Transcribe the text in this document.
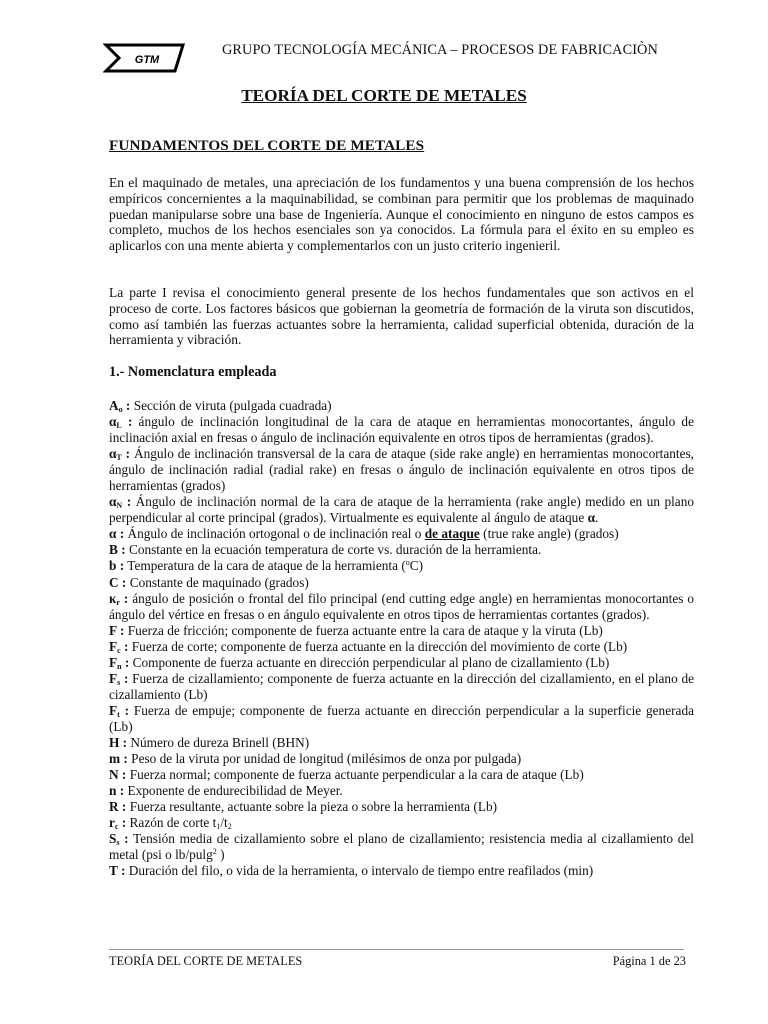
GTM
GRUPO TECNOLOGÍA MECÁNICA – PROCESOS DE FABRICACIÒN
TEORÍA DEL CORTE DE METALES
FUNDAMENTOS DEL CORTE DE METALES
En el maquinado de metales, una apreciación de los fundamentos y una buena comprensión de los hechos empíricos concernientes a la maquinabilidad, se combinan para permitir que los problemas de maquinado puedan manipularse sobre una base de Ingeniería. Aunque el conocimiento en ninguno de estos campos es completo, muchos de los hechos esenciales son ya conocidos. La fórmula para el éxito en su empleo es aplicarlos con una mente abierta y complementarlos con un justo criterio ingenieril.
La parte I revisa el conocimiento general presente de los hechos fundamentales que son activos en el proceso de corte. Los factores básicos que gobiernan la geometría de formación de la viruta son discutidos, como así también las fuerzas actuantes sobre la herramienta, calidad superficial obtenida, duración de la herramienta y vibración.
1.- Nomenclatura empleada
$A_o$ : Sección de viruta (pulgada cuadrada)
$\alpha_L$ : ángulo de inclinación longitudinal de la cara de ataque en herramientas monocortantes, ángulo de inclinación axial en fresas o ángulo de inclinación equivalente en otros tipos de herramientas (grados).
$\alpha_T$ : Ángulo de inclinación transversal de la cara de ataque (side rake angle) en herramientas monocortantes, ángulo de inclinación radial (radial rake) en fresas o ángulo de inclinación equivalente en otros tipos de herramientas (grados)
$\alpha_N$ : Ángulo de inclinación normal de la cara de ataque de la herramienta (rake angle) medido en un plano perpendicular al corte principal (grados). Virtualmente es equivalente al ángulo de ataque α.
α : Ángulo de inclinación ortogonal o de inclinación real o de ataque (true rake angle) (grados)
B : Constante en la ecuación temperatura de corte vs. duración de la herramienta.
b : Temperatura de la cara de ataque de la herramienta ($^o$C)
C : Constante de maquinado (grados)
$\kappa_r$ : ángulo de posición o frontal del filo principal (end cutting edge angle) en herramientas monocortantes o ángulo del vértice en fresas o en ángulo equivalente en otros tipos de herramientas cortantes (grados).
F : Fuerza de fricción; componente de fuerza actuante entre la cara de ataque y la viruta (Lb)
$F_c$ : Fuerza de corte; componente de fuerza actuante en la dirección del movimiento de corte (Lb)
$F_n$ : Componente de fuerza actuante en dirección perpendicular al plano de cizallamiento (Lb)
$F_s$ : Fuerza de cizallamiento; componente de fuerza actuante en la dirección del cizallamiento, en el plano de cizallamiento (Lb)
$F_t$ : Fuerza de empuje; componente de fuerza actuante en dirección perpendicular a la superficie generada (Lb)
H : Número de dureza Brinell (BHN)
m : Peso de la viruta por unidad de longitud (milésimos de onza por pulgada)
N : Fuerza normal; componente de fuerza actuante perpendicular a la cara de ataque (Lb)
n : Exponente de endurecibilidad de Meyer.
R : Fuerza resultante, actuante sobre la pieza o sobre la herramienta (Lb)
$r_c$ : Razón de corte $t_1/t_2$
$S_s$ : Tensión media de cizallamiento sobre el plano de cizallamiento; resistencia media al cizallamiento del metal (psi o lb/pulg$^2$ )
T : Duración del filo, o vida de la herramienta, o intervalo de tiempo entre reafilados (min)
TEORÍA DEL CORTE DE METALES	Página 1 de 23
